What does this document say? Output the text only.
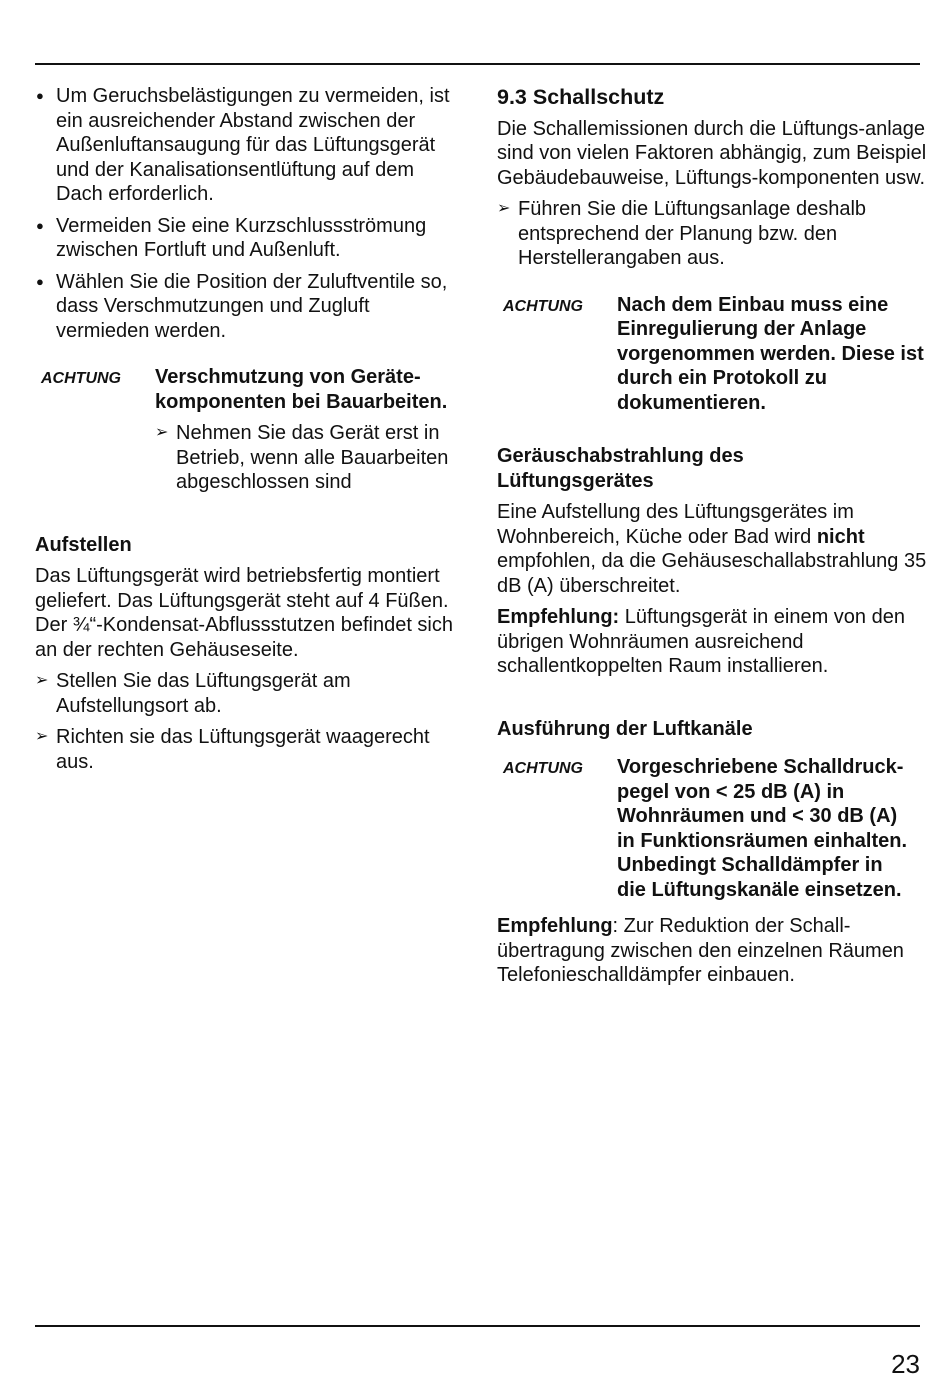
● Um Geruchsbelästigungen zu vermeiden, ist ein ausreichender Abstand zwischen der Außenluftansaugung für das Lüftungsgerät und der Kanalisationsentlüftung auf dem Dach erforderlich.

● Vermeiden Sie eine Kurzschlussströmung zwischen Fortluft und Außenluft.

● Wählen Sie die Position der Zuluftventile so, dass Verschmutzungen und Zugluft vermieden werden.

ACHTUNG Verschmutzung von Geräte-
komponenten bei Bauarbeiten.

➢ Nehmen Sie das Gerät erst in Betrieb, wenn alle Bauarbeiten abgeschlossen sind

Aufstellen

Das Lüftungsgerät wird betriebsfertig montiert geliefert. Das Lüftungsgerät steht auf 4 Füßen. Der ¾“-Kondensat-Abflussstutzen befindet sich an der rechten Gehäuseseite.

➢ Stellen Sie das Lüftungsgerät am Aufstellungsort ab.

➢ Richten sie das Lüftungsgerät waagerecht aus.

9.3 Schallschutz

Die Schallemissionen durch die Lüftungs-anlage sind von vielen Faktoren abhängig, zum Beispiel Gebäudebauweise, Lüftungs-komponenten usw.

➢ Führen Sie die Lüftungsanlage deshalb entsprechend der Planung bzw. den Herstellerangaben aus.

ACHTUNG Nach dem Einbau muss eine Einregulierung der Anlage vorgenommen werden. Diese ist durch ein Protokoll zu dokumentieren.

Geräuschabstrahlung des
Lüftungsgerätes

Eine Aufstellung des Lüftungsgerätes im Wohnbereich, Küche oder Bad wird nicht empfohlen, da die Gehäuseschallabstrahlung 35 dB (A) überschreitet.

Empfehlung: Lüftungsgerät in einem von den übrigen Wohnräumen ausreichend schallentkoppelten Raum installieren.

Ausführung der Luftkanäle

ACHTUNG Vorgeschriebene Schalldruck-
pegel von < 25 dB (A) in
Wohnräumen und < 30 dB (A)
in Funktionsräumen einhalten.
Unbedingt Schalldämpfer in
die Lüftungskanäle einsetzen.

Empfehlung: Zur Reduktion der Schall-übertragung zwischen den einzelnen Räumen Telefonieschalldämpfer einbauen.

23
